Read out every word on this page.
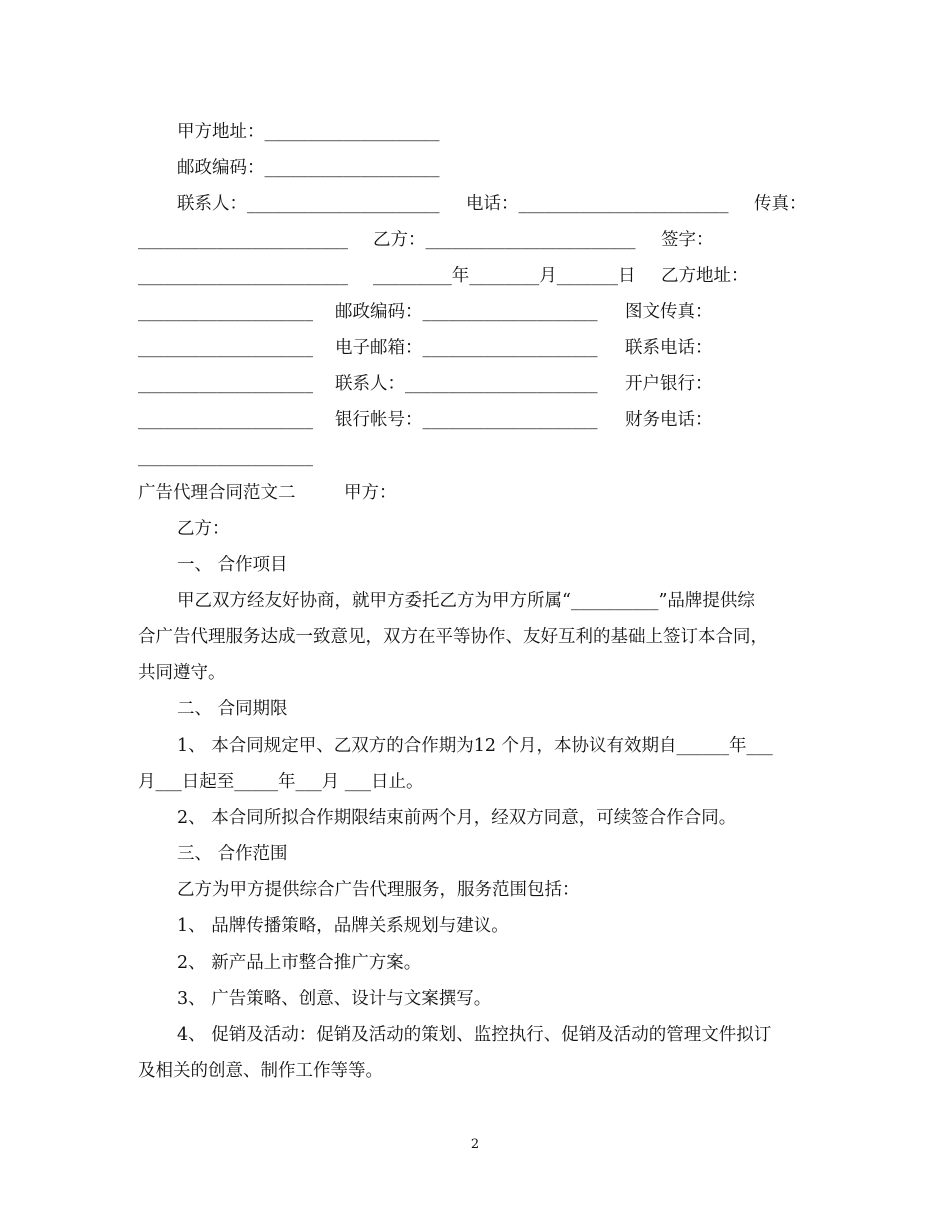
甲方地址：____________________
邮政编码：____________________
联系人：______________________ 电话：________________________ 传真：
________________________ 乙方：________________________ 签字：
________________________ _________年________月_______日 乙方地址：
____________________ 邮政编码：____________________ 图文传真：
____________________ 电子邮箱：____________________ 联系电话：
____________________ 联系人：______________________ 开户银行：
____________________ 银行帐号：____________________ 财务电话：
____________________
广告代理合同范文二	甲方：
乙方：
一、 合作项目
甲乙双方经友好协商，就甲方委托乙方为甲方所属“__________”品牌提供综
合广告代理服务达成一致意见，双方在平等协作、友好互利的基础上签订本合同，
共同遵守。
二、 合同期限
1、 本合同规定甲、乙双方的合作期为12 个月，本协议有效期自______年___
月___日起至_____年___月 ___日止。
2、 本合同所拟合作期限结束前两个月，经双方同意，可续签合作合同。
三、 合作范围
乙方为甲方提供综合广告代理服务，服务范围包括：
1、 品牌传播策略，品牌关系规划与建议。
2、 新产品上市整合推广方案。
3、 广告策略、创意、设计与文案撰写。
4、 促销及活动：促销及活动的策划、监控执行、促销及活动的管理文件拟订
及相关的创意、制作工作等等。
2
